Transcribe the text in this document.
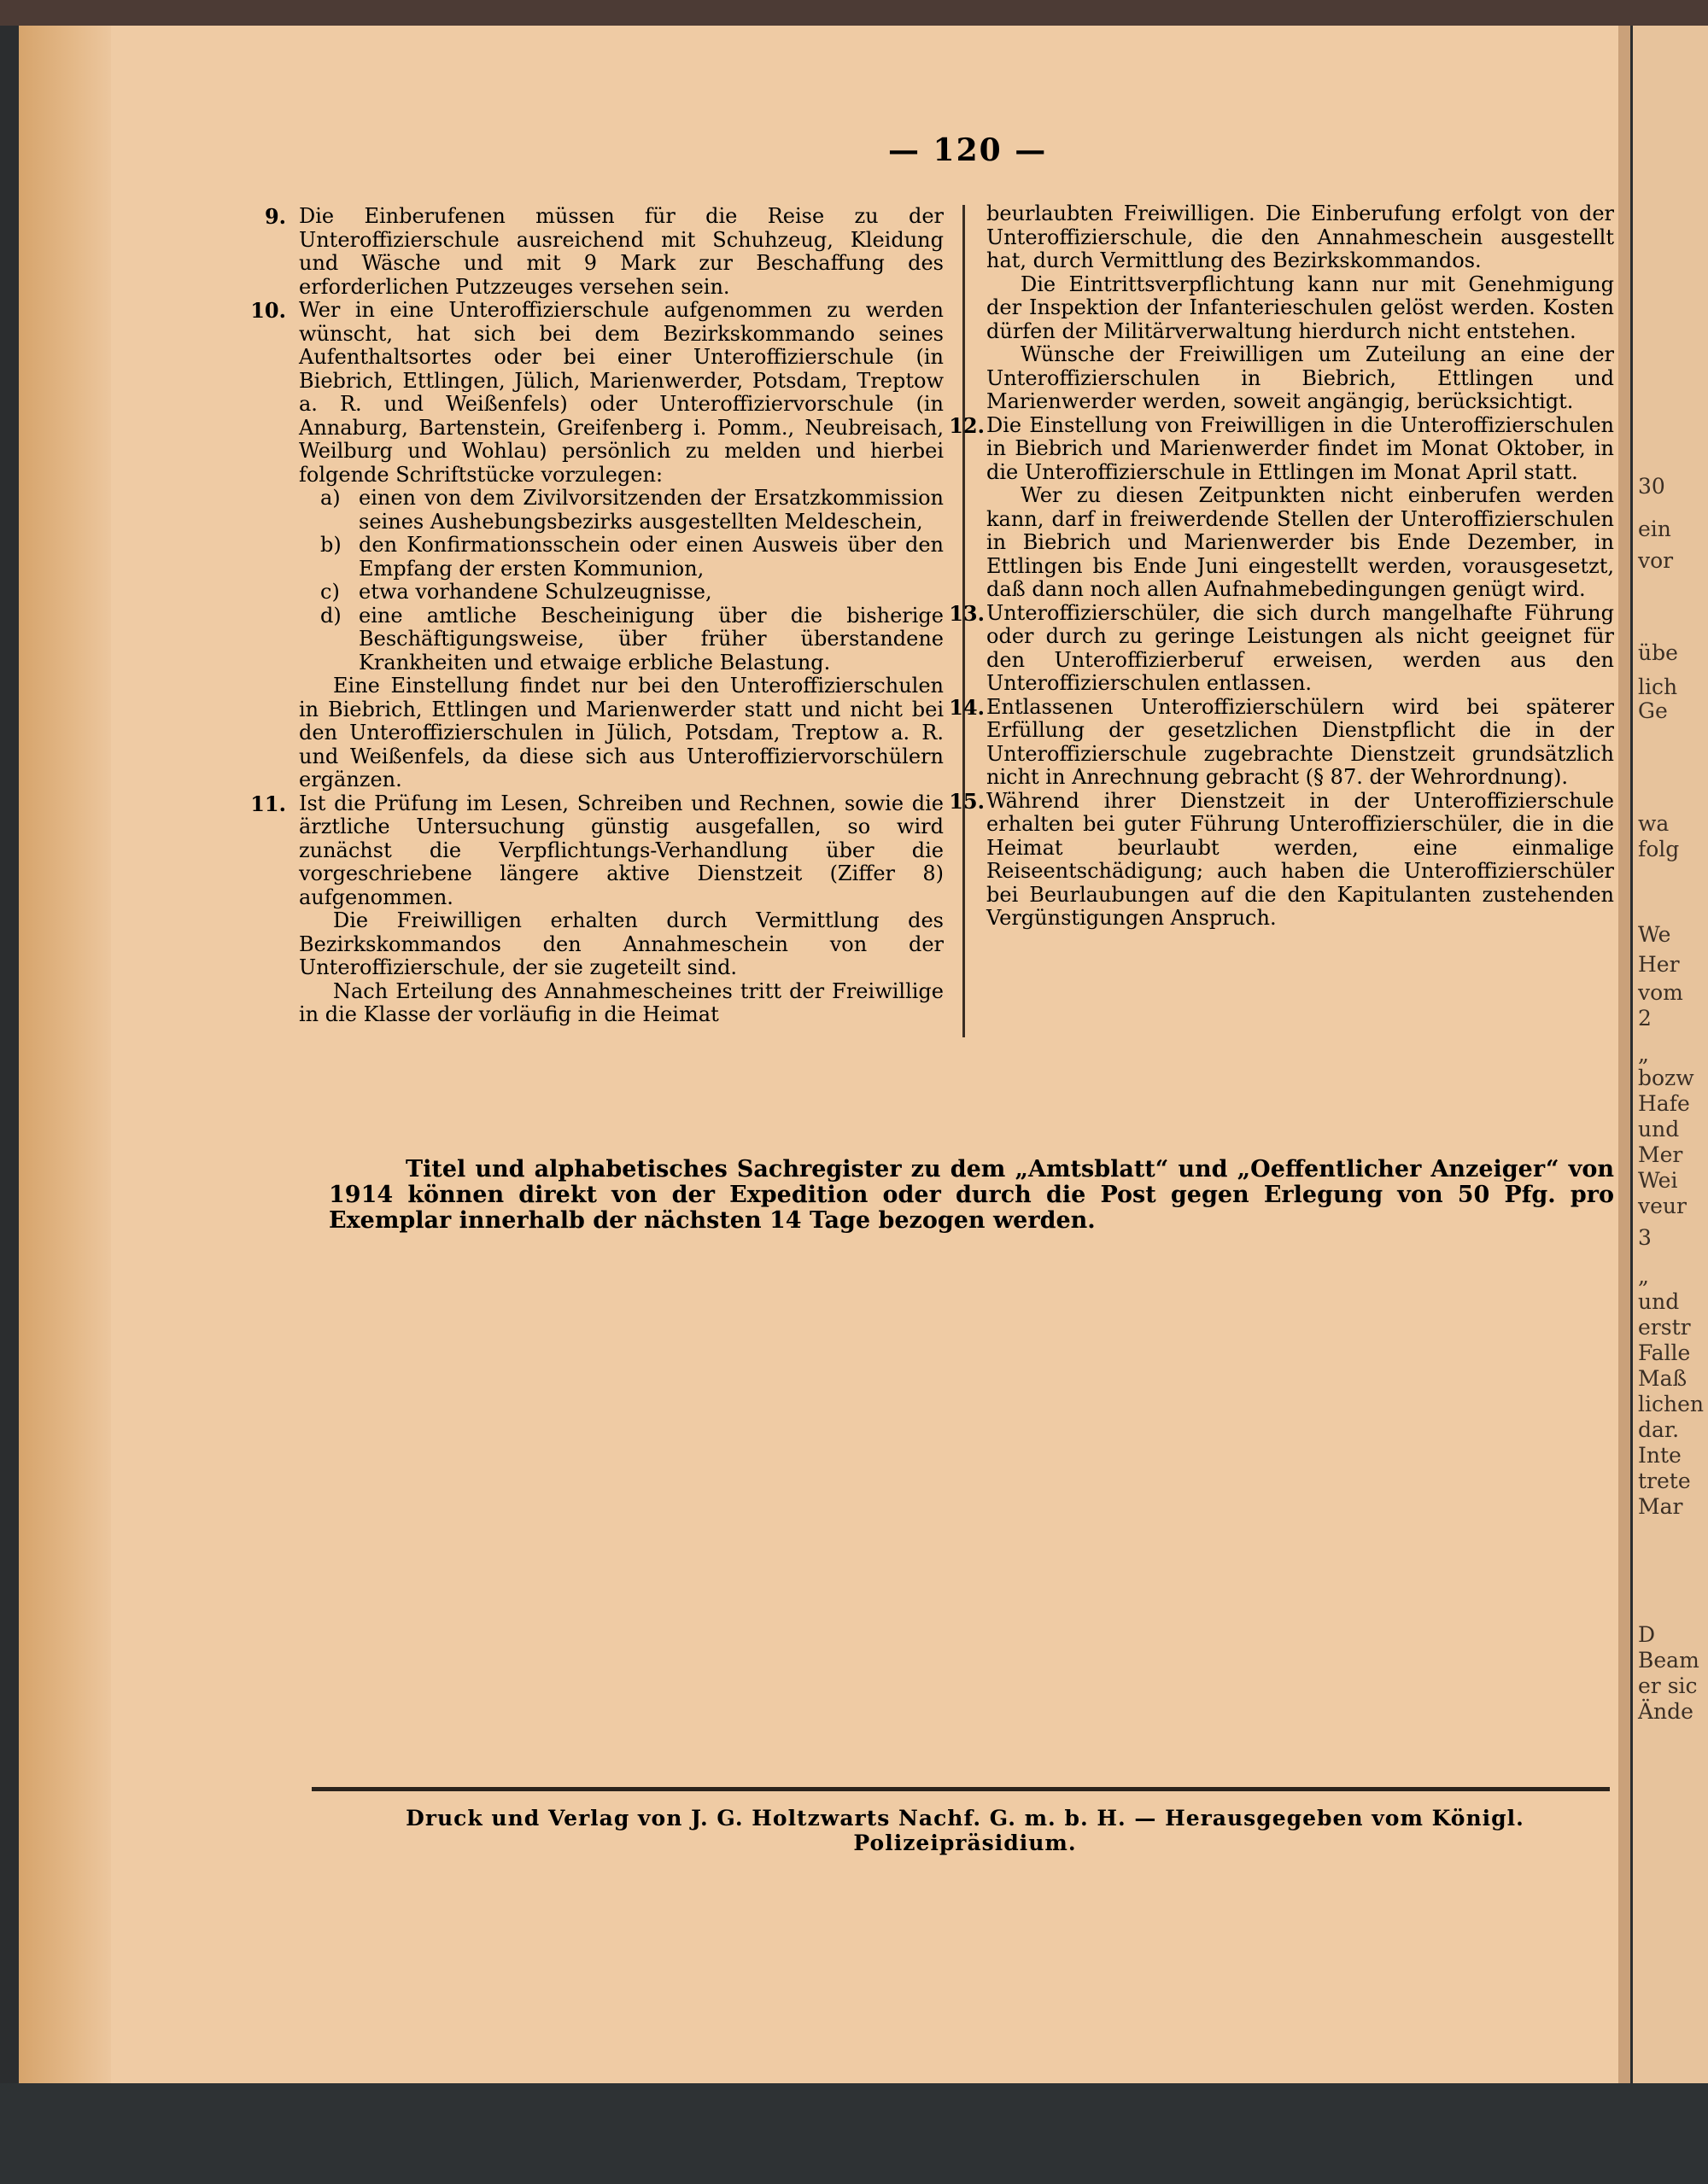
— 120 —

9. Die Einberufenen müssen für die Reise zu der Unteroffizierschule ausreichend mit Schuhzeug, Kleidung und Wäsche und mit 9 Mark zur Beschaffung des erforderlichen Putzzeuges versehen sein.

10. Wer in eine Unteroffizierschule aufgenommen zu werden wünscht, hat sich bei dem Bezirkskommando seines Aufenthaltsortes oder bei einer Unteroffizierschule (in Biebrich, Ettlingen, Jülich, Marienwerder, Potsdam, Treptow a. R. und Weißenfels) oder Unteroffiziervorschule (in Annaburg, Bartenstein, Greifenberg i. Pomm., Neubreisach, Weilburg und Wohlau) persönlich zu melden und hierbei folgende Schriftstücke vorzulegen:

a) einen von dem Zivilvorsitzenden der Ersatzkommission seines Aushebungsbezirks ausgestellten Meldeschein,

b) den Konfirmationsschein oder einen Ausweis über den Empfang der ersten Kommunion,

c) etwa vorhandene Schulzeugnisse,

d) eine amtliche Bescheinigung über die bisherige Beschäftigungsweise, über früher überstandene Krankheiten und etwaige erbliche Belastung.

Eine Einstellung findet nur bei den Unteroffizierschulen in Biebrich, Ettlingen und Marienwerder statt und nicht bei den Unteroffizierschulen in Jülich, Potsdam, Treptow a. R. und Weißenfels, da diese sich aus Unteroffiziervorschülern ergänzen.

11. Ist die Prüfung im Lesen, Schreiben und Rechnen, sowie die ärztliche Untersuchung günstig ausgefallen, so wird zunächst die Verpflichtungs-Verhandlung über die vorgeschriebene längere aktive Dienstzeit (Ziffer 8) aufgenommen.

Die Freiwilligen erhalten durch Vermittlung des Bezirkskommandos den Annahmeschein von der Unteroffizierschule, der sie zugeteilt sind.

Nach Erteilung des Annahmescheines tritt der Freiwillige in die Klasse der vorläufig in die Heimat

beurlaubten Freiwilligen. Die Einberufung erfolgt von der Unteroffizierschule, die den Annahmeschein ausgestellt hat, durch Vermittlung des Bezirkskommandos.

Die Eintrittsverpflichtung kann nur mit Genehmigung der Inspektion der Infanterieschulen gelöst werden. Kosten dürfen der Militärverwaltung hierdurch nicht entstehen.

Wünsche der Freiwilligen um Zuteilung an eine der Unteroffizierschulen in Biebrich, Ettlingen und Marienwerder werden, soweit angängig, berücksichtigt.

12. Die Einstellung von Freiwilligen in die Unteroffizierschulen in Biebrich und Marienwerder findet im Monat Oktober, in die Unteroffizierschule in Ettlingen im Monat April statt.

Wer zu diesen Zeitpunkten nicht einberufen werden kann, darf in freiwerdende Stellen der Unteroffizierschulen in Biebrich und Marienwerder bis Ende Dezember, in Ettlingen bis Ende Juni eingestellt werden, vorausgesetzt, daß dann noch allen Aufnahmebedingungen genügt wird.

13. Unteroffizierschüler, die sich durch mangelhafte Führung oder durch zu geringe Leistungen als nicht geeignet für den Unteroffizierberuf erweisen, werden aus den Unteroffizierschulen entlassen.

14. Entlassenen Unteroffizierschülern wird bei späterer Erfüllung der gesetzlichen Dienstpflicht die in der Unteroffizierschule zugebrachte Dienstzeit grundsätzlich nicht in Anrechnung gebracht (§ 87. der Wehrordnung).

15. Während ihrer Dienstzeit in der Unteroffizierschule erhalten bei guter Führung Unteroffizierschüler, die in die Heimat beurlaubt werden, eine einmalige Reiseentschädigung; auch haben die Unteroffizierschüler bei Beurlaubungen auf die den Kapitulanten zustehenden Vergünstigungen Anspruch.

Titel und alphabetisches Sachregister zu dem „Amtsblatt“ und „Oeffentlicher Anzeiger“ von 1914 können direkt von der Expedition oder durch die Post gegen Erlegung von 50 Pfg. pro Exemplar innerhalb der nächsten 14 Tage bezogen werden.
Druck und Verlag von J. G. Holtzwarts Nachf. G. m. b. H. — Herausgegeben vom Königl. Polizeipräsidium.
30
ein
vor
übe
lich
Ge
wa
folg
We
Her
vom
2
„
bozw
Hafe
und
Mer
Wei
veur
3
„
und
erstr
Falle
Maß
lichen
dar.
Inte
trete
Mar
D
Beam
er sic
Ände
